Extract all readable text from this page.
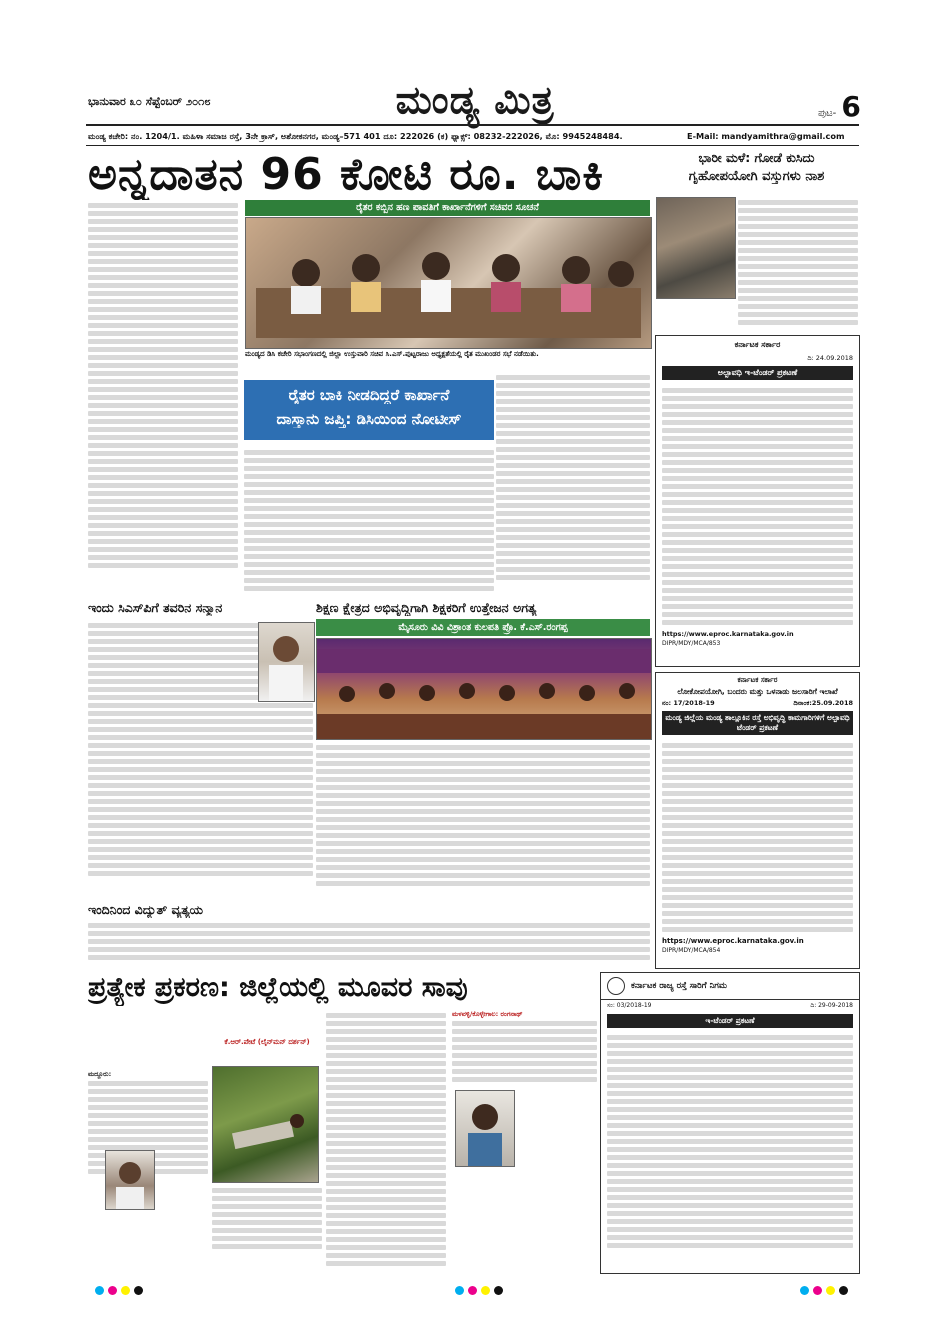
ಭಾನುವಾರ ೩೦ ಸೆಪ್ಟೆಂಬರ್ ೨೦೧೮	ಮಂಡ್ಯ ಮಿತ್ರ	ಪುಟ- 6
ಮಂಡ್ಯ ಕಚೇರಿ: ನಂ. 1204/1. ಮಹಿಳಾ ಸಮಾಜ ರಸ್ತೆ, 3ನೇ ಕ್ರಾಸ್, ಅಶೋಕನಗರ, ಮಂಡ್ಯ–571 401 ದೂ: 222026 (ಕ) ಫ್ಯಾಕ್ಸ್: 08232-222026, ಮೊ: 9945248484.	E-Mail: mandyamithra@gmail.com
ಅನ್ನದಾತನ 96 ಕೋಟಿ ರೂ. ಬಾಕಿ
ರೈತರ ಕಬ್ಬಿನ ಹಣ ಪಾವತಿಗೆ ಕಾರ್ಖಾನೆಗಳಿಗೆ ಸಚಿವರ ಸೂಚನೆ
ಮಂಡ್ಯದ ಡಿಸಿ ಕಚೇರಿ ಸಭಾಂಗಣದಲ್ಲಿ ಜಿಲ್ಲಾ ಉಸ್ತುವಾರಿ ಸಚಿವ ಸಿ.ಎಸ್.ಪುಟ್ಟರಾಜು ಅಧ್ಯಕ್ಷತೆಯಲ್ಲಿ ರೈತ ಮುಖಂಡರ ಸಭೆ ನಡೆಯಿತು.
ರೈತರ ಬಾಕಿ ನೀಡದಿದ್ದರೆ ಕಾರ್ಖಾನೆ
ದಾಸ್ತಾನು ಜಪ್ತಿ: ಡಿಸಿಯಿಂದ ನೋಟೀಸ್
ಭಾರೀ ಮಳೆ: ಗೋಡೆ ಕುಸಿದು
ಗೃಹೋಪಯೋಗಿ ವಸ್ತುಗಳು ನಾಶ
ಕರ್ನಾಟಕ ಸರ್ಕಾರ
ದಿ: 24.09.2018
ಅಲ್ಪಾವಧಿ ಇ-ಟೆಂಡರ್ ಪ್ರಕಟಣೆ
https://www.eproc.karnataka.gov.in
DIPR/MDY/MCA/853
ಕರ್ನಾಟಕ ಸರ್ಕಾರ
ಲೋಕೋಪಯೋಗಿ, ಬಂದರು ಮತ್ತು ಒಳನಾಡು ಜಲಸಾರಿಗೆ ಇಲಾಖೆ
ನಂ: 17/2018-19	ದಿನಾಂಕ:25.09.2018
ಮಂಡ್ಯ ಜಿಲ್ಲೆಯ ಮಂಡ್ಯ ತಾಲ್ಲೂಕಿನ ರಸ್ತೆ ಅಭಿವೃದ್ಧಿ ಕಾಮಗಾರಿಗಳಿಗೆ ಅಲ್ಪಾವಧಿ ಟೆಂಡರ್ ಪ್ರಕಟಣೆ
https://www.eproc.karnataka.gov.in
DIPR/MDY/MCA/854
ಇಂದು ಸಿಎಸ್‌ಪಿಗೆ ತವರಿನ ಸನ್ಮಾನ	ಶಿಕ್ಷಣ ಕ್ಷೇತ್ರದ ಅಭಿವೃದ್ಧಿಗಾಗಿ ಶಿಕ್ಷಕರಿಗೆ ಉತ್ತೇಜನ ಅಗತ್ಯ
ಮೈಸೂರು ವಿವಿ ವಿಶ್ರಾಂತ ಕುಲಪತಿ ಪ್ರೊ. ಕೆ.ಎಸ್.ರಂಗಪ್ಪ
ಇಂದಿನಿಂದ ವಿದ್ಯುತ್ ವ್ಯತ್ಯಯ
ಪ್ರತ್ಯೇಕ ಪ್ರಕರಣ: ಜಿಲ್ಲೆಯಲ್ಲಿ ಮೂವರ ಸಾವು
ಮದ್ದೂರು:
ಕೆ.ಆರ್.ಪೇಟೆ (ಲೈನ್‌ಮನ್ ದರ್ಶನ್)
ಮಳವಳ್ಳಿ/ಕೊಳ್ಳೇಗಾಲ: ರಂಗನಾಥ್
ಕರ್ನಾಟಕ ರಾಜ್ಯ ರಸ್ತೆ ಸಾರಿಗೆ ನಿಗಮ
ಸಂ: 03/2018-19	ದಿ: 29-09-2018
ಇ-ಟೆಂಡರ್ ಪ್ರಕಟಣೆ
